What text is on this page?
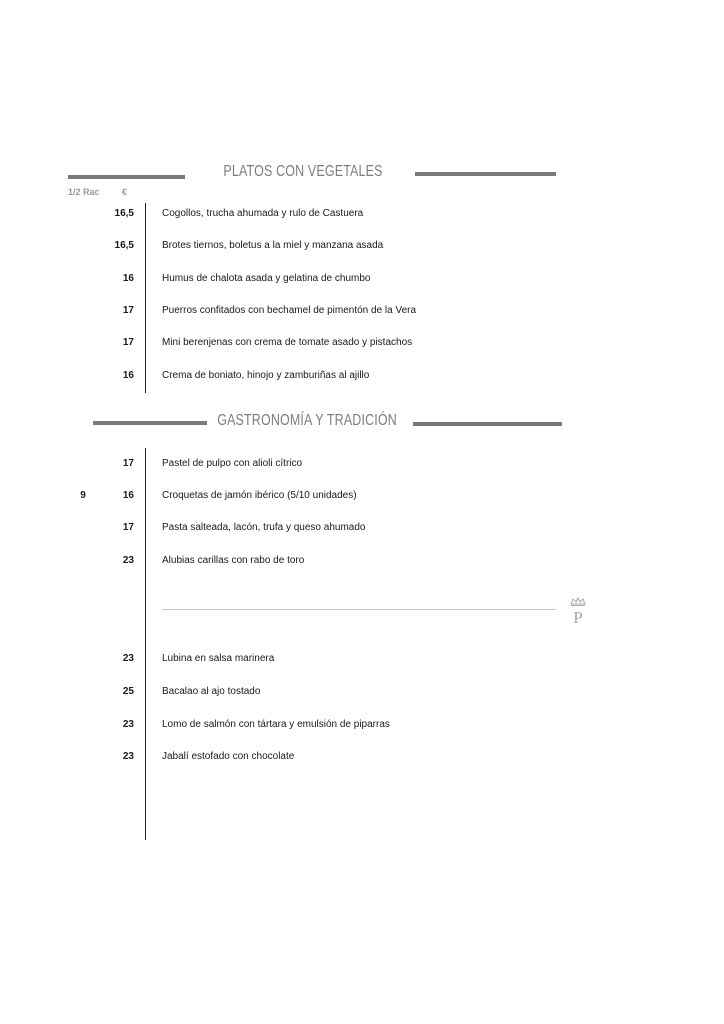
PLATOS CON VEGETALES
1/2 Rac €
16,5	Cogollos, trucha ahumada y rulo de Castuera
16,5	Brotes tiernos, boletus a la miel y manzana asada
16	Humus de chalota asada y gelatina de chumbo
17	Puerros confitados con bechamel de pimentón de la Vera
17	Mini berenjenas con crema de tomate asado y pistachos
16	Crema de boniato, hinojo y zamburiñas al ajillo
GASTRONOMÍA Y TRADICIÓN
17	Pastel de pulpo con alioli cítrico
9	16	Croquetas de jamón ibérico (5/10 unidades)
17	Pasta salteada, lacón, trufa y queso ahumado
23	Alubias carillas con rabo de toro
P
23	Lubina en salsa marinera
25	Bacalao al ajo tostado
23	Lomo de salmón con tártara y emulsión de piparras
23	Jabalí estofado con chocolate
